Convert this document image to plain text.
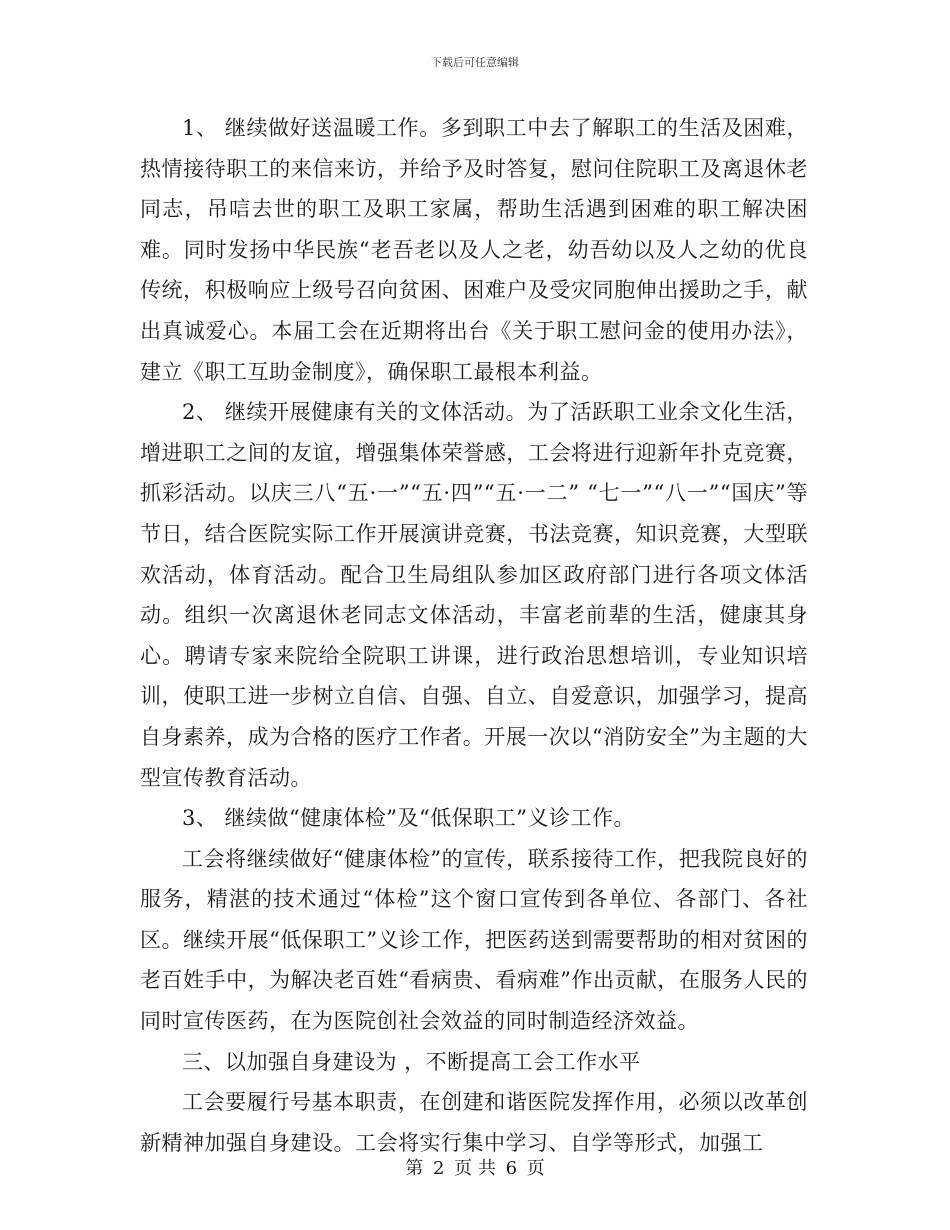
下载后可任意编辑

1、 继续做好送温暖工作。多到职工中去了解职工的生活及困难，热情接待职工的来信来访，并给予及时答复，慰问住院职工及离退休老同志，吊唁去世的职工及职工家属，帮助生活遇到困难的职工解决困难。同时发扬中华民族“老吾老以及人之老，幼吾幼以及人之幼的优良传统，积极响应上级号召向贫困、困难户及受灾同胞伸出援助之手，献出真诚爱心。本届工会在近期将出台《关于职工慰问金的使用办法》，建立《职工互助金制度》，确保职工最根本利益。

2、 继续开展健康有关的文体活动。为了活跃职工业余文化生活，增进职工之间的友谊，增强集体荣誉感，工会将进行迎新年扑克竞赛，抓彩活动。以庆三八“五·一”“五·四”“五·一二” “七一”“八一”“国庆”等节日，结合医院实际工作开展演讲竞赛，书法竞赛，知识竞赛，大型联欢活动，体育活动。配合卫生局组队参加区政府部门进行各项文体活动。组织一次离退休老同志文体活动，丰富老前辈的生活，健康其身心。聘请专家来院给全院职工讲课，进行政治思想培训，专业知识培训，使职工进一步树立自信、自强、自立、自爱意识，加强学习，提高自身素养，成为合格的医疗工作者。开展一次以“消防安全”为主题的大型宣传教育活动。

3、 继续做“健康体检”及“低保职工”义诊工作。

工会将继续做好“健康体检”的宣传，联系接待工作，把我院良好的服务，精湛的技术通过“体检”这个窗口宣传到各单位、各部门、各社区。继续开展“低保职工”义诊工作，把医药送到需要帮助的相对贫困的老百姓手中，为解决老百姓“看病贵、看病难”作出贡献，在服务人民的同时宣传医药，在为医院创社会效益的同时制造经济效益。

三、以加强自身建设为 ，不断提高工会工作水平

工会要履行号基本职责，在创建和谐医院发挥作用，必须以改革创新精神加强自身建设。工会将实行集中学习、自学等形式，加强工

第 2 页 共 6 页
